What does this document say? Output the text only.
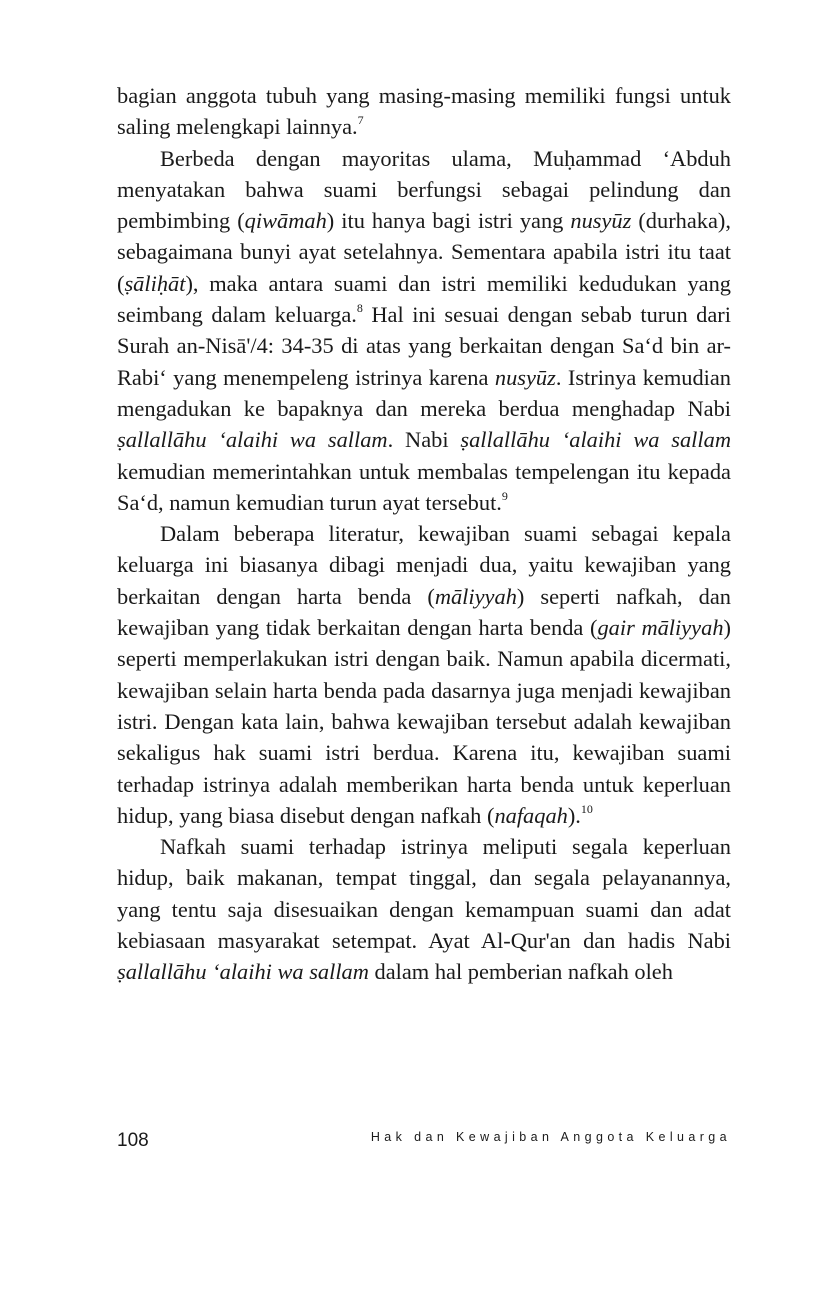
bagian anggota tubuh yang masing-masing memiliki fungsi untuk saling melengkapi lainnya.$^7$

Berbeda dengan mayoritas ulama, Muḥammad ‘Abduh menyatakan bahwa suami berfungsi sebagai pelindung dan pembimbing (qiwāmah) itu hanya bagi istri yang nusyūz (durhaka), sebagaimana bunyi ayat setelahnya. Sementara apabila istri itu taat (ṣāliḥāt), maka antara suami dan istri memiliki kedudukan yang seimbang dalam keluarga.$^8$ Hal ini sesuai dengan sebab turun dari Surah an-Nisā'/4: 34-35 di atas yang berkaitan dengan Sa‘d bin ar-Rabi‘ yang menempeleng istrinya karena nusyūz. Istrinya kemudian mengadukan ke bapaknya dan mereka berdua menghadap Nabi ṣallallāhu ‘alaihi wa sallam. Nabi ṣallallāhu ‘alaihi wa sallam kemudian memerintahkan untuk membalas tempelengan itu kepada Sa‘d, namun kemudian turun ayat tersebut.$^9$

Dalam beberapa literatur, kewajiban suami sebagai kepala keluarga ini biasanya dibagi menjadi dua, yaitu kewajiban yang berkaitan dengan harta benda (māliyyah) seperti nafkah, dan kewajiban yang tidak berkaitan dengan harta benda (gair māliyyah) seperti memperlakukan istri dengan baik. Namun apabila dicermati, kewajiban selain harta benda pada dasarnya juga menjadi kewajiban istri. Dengan kata lain, bahwa kewajiban tersebut adalah kewajiban sekaligus hak suami istri berdua. Karena itu, kewajiban suami terhadap istrinya adalah memberikan harta benda untuk keperluan hidup, yang biasa disebut dengan nafkah (nafaqah).$^{10}$

Nafkah suami terhadap istrinya meliputi segala keperluan hidup, baik makanan, tempat tinggal, dan segala pelayanannya, yang tentu saja disesuaikan dengan kemampuan suami dan adat kebiasaan masyarakat setempat. Ayat Al-Qur'an dan hadis Nabi ṣallallāhu ‘alaihi wa sallam dalam hal pemberian nafkah oleh

108	Hak dan Kewajiban Anggota Keluarga
